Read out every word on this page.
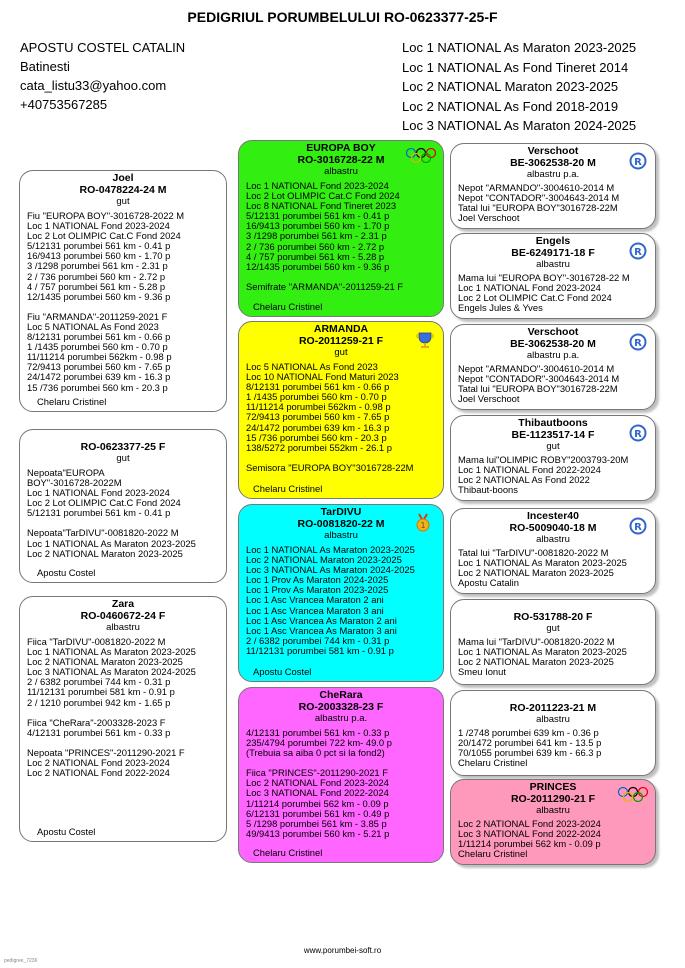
PEDIGRIUL PORUMBELULUI RO-0623377-25-F
APOSTU COSTEL CATALIN
Batinesti
cata_listu33@yahoo.com
+40753567285
Loc 1 NATIONAL As Maraton 2023-2025
Loc 1 NATIONAL As Fond Tineret 2014
Loc 2 NATIONAL Maraton 2023-2025
Loc 2 NATIONAL As Fond 2018-2019
Loc 3 NATIONAL As Maraton 2024-2025
RO-0623377-25 F
gut
Nepoata"EUROPA
BOY"-3016728-2022M
Loc 1 NATIONAL Fond 2023-2024
Loc 2 Lot OLIMPIC Cat.C Fond 2024
5/12131 porumbei 561 km - 0.41 p
Nepoata"TarDIVU"-0081820-2022 M
Loc 1 NATIONAL As Maraton 2023-2025
Loc 2 NATIONAL Maraton 2023-2025
Apostu Costel
Joel
RO-0478224-24 M
gut
Fiu "EUROPA BOY"-3016728-2022 M
Loc 1 NATIONAL Fond 2023-2024
Loc 2 Lot OLIMPIC Cat.C Fond 2024
5/12131 porumbei 561 km - 0.41 p
16/9413 porumbei 560 km - 1.70 p
3 /1298 porumbei 561 km - 2.31 p
2 / 736 porumbei 560 km - 2.72 p
4 / 757 porumbei 561 km - 5.28 p
12/1435 porumbei 560 km - 9.36 p
Fiu "ARMANDA"-2011259-2021 F
Loc 5 NATIONAL As Fond 2023
8/12131 porumbei 561 km - 0.66 p
1 /1435 porumbei 560 km - 0.70 p
11/11214 porumbei 562km - 0.98 p
72/9413 porumbei 560 km - 7.65 p
24/1472 porumbei 639 km - 16.3 p
15 /736 porumbei 560 km - 20.3 p
Chelaru Cristinel
Zara
RO-0460672-24 F
albastru
Fiica "TarDIVU"-0081820-2022 M
Loc 1 NATIONAL As Maraton 2023-2025
Loc 2 NATIONAL Maraton 2023-2025
Loc 3 NATIONAL As Maraton 2024-2025
2 / 6382 porumbei 744 km - 0.31 p
11/12131 porumbei 581 km - 0.91 p
2 / 1210 porumbei 942 km - 1.65 p
Fiica "CheRara"-2003328-2023 F
4/12131 porumbei 561 km - 0.33 p
Nepoata "PRINCES"-2011290-2021 F
Loc 2 NATIONAL Fond 2023-2024
Loc 2 NATIONAL Fond 2022-2024
Apostu Costel
EUROPA BOY
RO-3016728-22 M
albastru
Loc 1 NATIONAL Fond 2023-2024
Loc 2 Lot OLIMPIC Cat.C Fond 2024
Loc 8 NATIONAL Fond Tineret 2023
5/12131 porumbei 561 km - 0.41 p
16/9413 porumbei 560 km - 1.70 p
3 /1298 porumbei 561 km - 2.31 p
2 / 736 porumbei 560 km - 2.72 p
4 / 757 porumbei 561 km - 5.28 p
12/1435 porumbei 560 km - 9.36 p
Semifrate "ARMANDA"-2011259-21 F
Chelaru Cristinel
ARMANDA
RO-2011259-21 F
gut
Loc 5 NATIONAL As Fond 2023
Loc 10 NATIONAL Fond Maturi 2023
8/12131 porumbei 561 km - 0.66 p
1 /1435 porumbei 560 km - 0.70 p
11/11214 porumbei 562km - 0.98 p
72/9413 porumbei 560 km - 7.65 p
24/1472 porumbei 639 km - 16.3 p
15 /736 porumbei 560 km - 20.3 p
138/5272 porumbei 552km - 26.1 p
Semisora "EUROPA BOY"3016728-22M
Chelaru Cristinel
TarDIVU
RO-0081820-22 M
albastru
Loc 1 NATIONAL As Maraton 2023-2025
Loc 2 NATIONAL Maraton 2023-2025
Loc 3 NATIONAL As Maraton 2024-2025
Loc 1 Prov As Maraton 2024-2025
Loc 1 Prov As Maraton 2023-2025
Loc 1 Asc Vrancea Maraton 2 ani
Loc 1 Asc Vrancea Maraton 3 ani
Loc 1 Asc Vrancea As Maraton 2 ani
Loc 1 Asc Vrancea As Maraton 3 ani
2 / 6382 porumbei 744 km - 0.31 p
11/12131 porumbei 581 km - 0.91 p
Apostu Costel
1
CheRara
RO-2003328-23 F
albastru p.a.
4/12131 porumbei 561 km - 0.33 p
235/4794 porumbei 722 km- 49.0 p
(Trebuia sa aiba 0 pct si la fond2)
Fiica "PRINCES"-2011290-2021 F
Loc 2 NATIONAL Fond 2023-2024
Loc 3 NATIONAL Fond 2022-2024
1/11214 porumbei 562 km - 0.09 p
6/12131 porumbei 561 km - 0.49 p
5 /1298 porumbei 561 km - 3.85 p
49/9413 porumbei 560 km - 5.21 p
Chelaru Cristinel
Verschoot
BE-3062538-20 M
albastru p.a.
Nepot "ARMANDO"-3004610-2014 M
Nepot "CONTADOR"-3004643-2014 M
Tatal lui "EUROPA BOY"3016728-22M
Joel Verschoot
R
Engels
BE-6249171-18 F
albastru
Mama lui "EUROPA BOY"-3016728-22 M
Loc 1 NATIONAL Fond 2023-2024
Loc 2 Lot OLIMPIC Cat.C Fond 2024
Engels Jules & Yves
R
Verschoot
BE-3062538-20 M
albastru p.a.
Nepot "ARMANDO"-3004610-2014 M
Nepot "CONTADOR"-3004643-2014 M
Tatal lui "EUROPA BOY"3016728-22M
Joel Verschoot
R
Thibautboons
BE-1123517-14 F
gut
Mama lui"OLIMPIC ROBY"2003793-20M
Loc 1 NATIONAL Fond 2022-2024
Loc 2 NATIONAL As Fond 2022
Thibaut-boons
R
Incester40
RO-5009040-18 M
albastru
Tatal lui "TarDIVU"-0081820-2022 M
Loc 1 NATIONAL As Maraton 2023-2025
Loc 2 NATIONAL Maraton 2023-2025
Apostu Catalin
R
RO-531788-20 F
gut
Mama lui "TarDIVU"-0081820-2022 M
Loc 1 NATIONAL As Maraton 2023-2025
Loc 2 NATIONAL Maraton 2023-2025
Smeu Ionut
RO-2011223-21 M
albastru
1 /2748 porumbei 639 km - 0.36 p
20/1472 porumbei 641 km - 13.5 p
70/1055 porumbei 639 km - 66.3 p
Chelaru Cristinel
PRINCES
RO-2011290-21 F
albastru
Loc 2 NATIONAL Fond 2023-2024
Loc 3 NATIONAL Fond 2022-2024
1/11214 porumbei 562 km - 0.09 p
Chelaru Cristinel
www.porumbei-soft.ro
pedigree_7236
